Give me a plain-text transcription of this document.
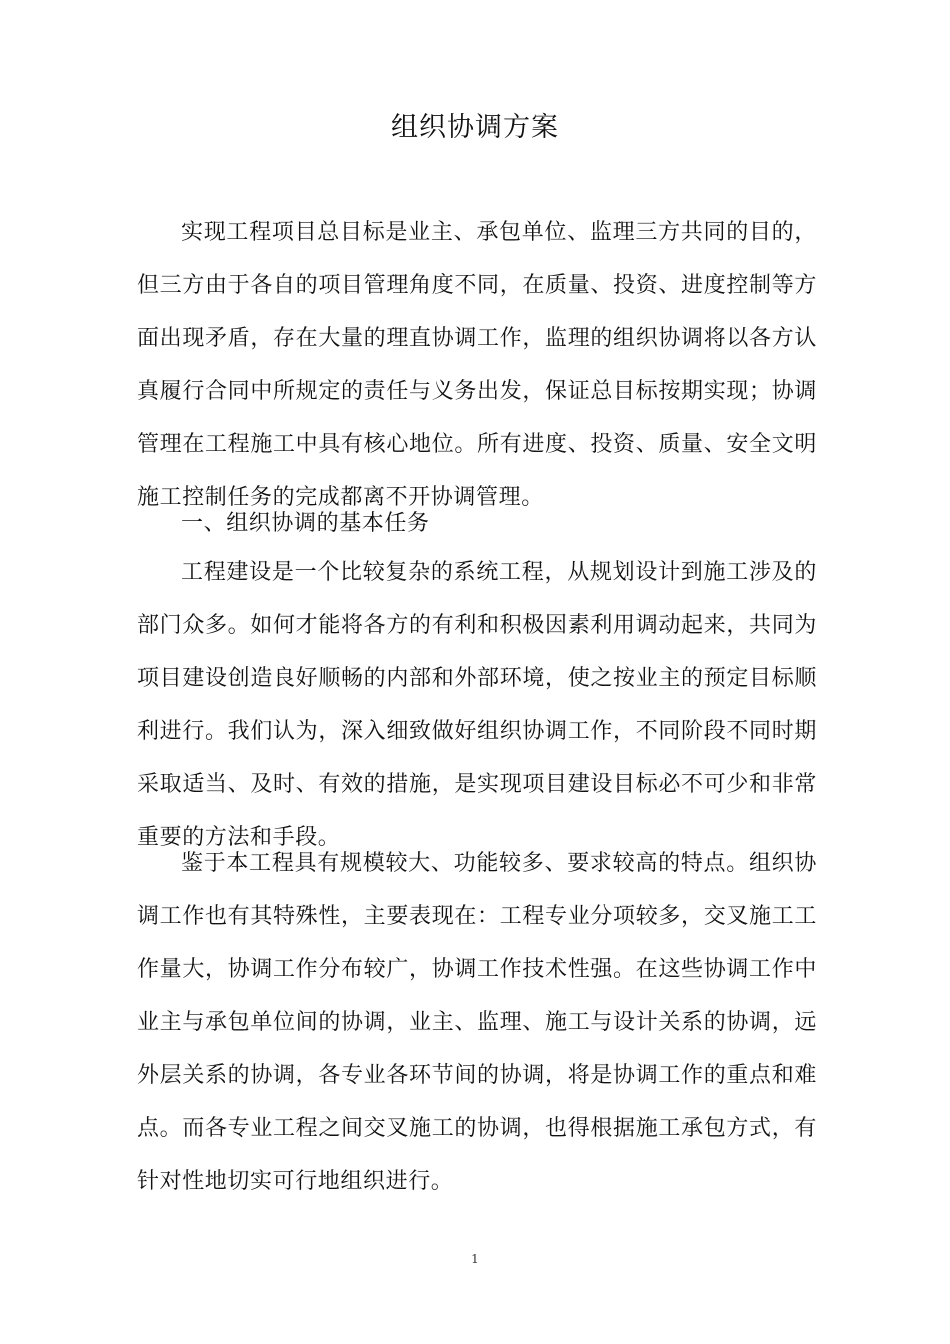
组织协调方案

实现工程项目总目标是业主、承包单位、监理三方共同的目的，但三方由于各自的项目管理角度不同，在质量、投资、进度控制等方面出现矛盾，存在大量的理直协调工作，监理的组织协调将以各方认真履行合同中所规定的责任与义务出发，保证总目标按期实现；协调管理在工程施工中具有核心地位。所有进度、投资、质量、安全文明施工控制任务的完成都离不开协调管理。

一、组织协调的基本任务

工程建设是一个比较复杂的系统工程，从规划设计到施工涉及的部门众多。如何才能将各方的有利和积极因素利用调动起来，共同为项目建设创造良好顺畅的内部和外部环境，使之按业主的预定目标顺利进行。我们认为，深入细致做好组织协调工作，不同阶段不同时期采取适当、及时、有效的措施，是实现项目建设目标必不可少和非常重要的方法和手段。

鉴于本工程具有规模较大、功能较多、要求较高的特点。组织协调工作也有其特殊性，主要表现在：工程专业分项较多，交叉施工工作量大，协调工作分布较广，协调工作技术性强。在这些协调工作中业主与承包单位间的协调，业主、监理、施工与设计关系的协调，远外层关系的协调，各专业各环节间的协调，将是协调工作的重点和难点。而各专业工程之间交叉施工的协调，也得根据施工承包方式，有针对性地切实可行地组织进行。

1
